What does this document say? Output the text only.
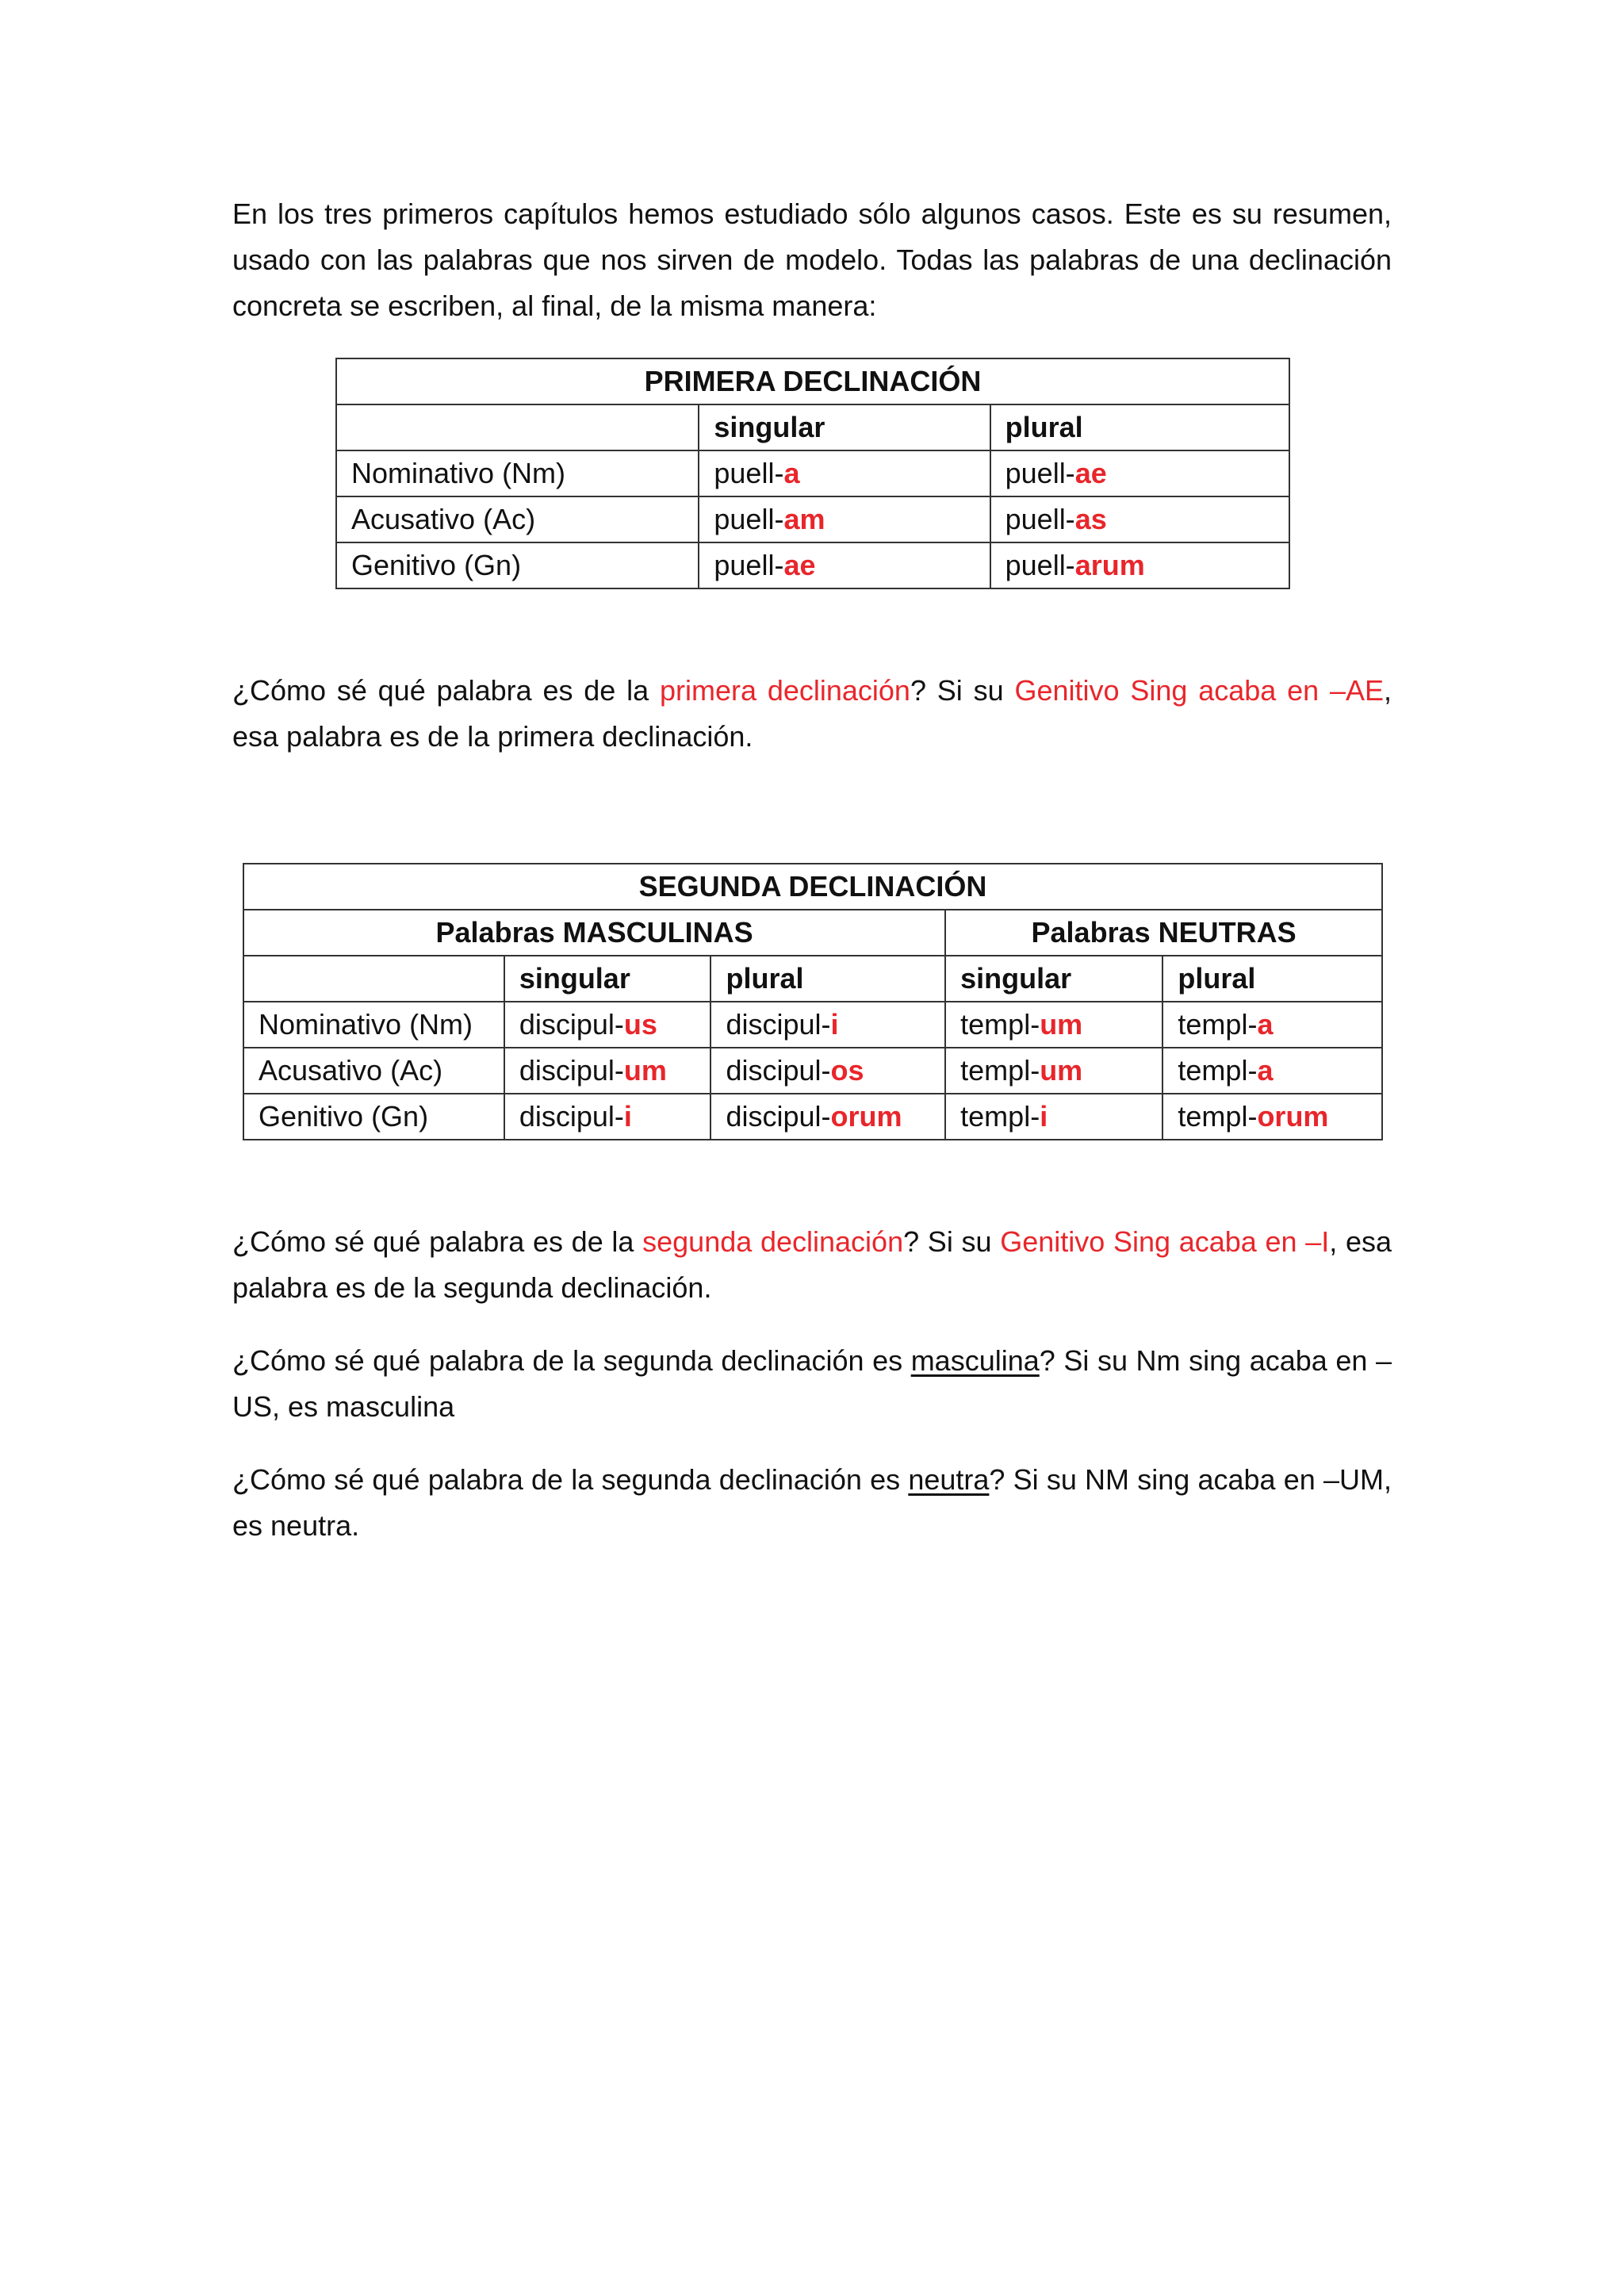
En los tres primeros capítulos hemos estudiado sólo algunos casos. Este es su resumen, usado con las palabras que nos sirven de modelo. Todas las palabras de una declinación concreta se escriben, al final, de la misma manera:

PRIMERA DECLINACIÓN		
	singular	plural
Nominativo (Nm)	puell-a	puell-ae
Acusativo (Ac)	puell-am	puell-as
Genitivo (Gn)	puell-ae	puell-arum

¿Cómo sé qué palabra es de la primera declinación? Si su Genitivo Sing acaba en –AE, esa palabra es de la primera declinación.

SEGUNDA DECLINACIÓN				
Palabras MASCULINAS			Palabras NEUTRAS	
	singular	plural	singular	plural
Nominativo (Nm)	discipul-us	discipul-i	templ-um	templ-a
Acusativo (Ac)	discipul-um	discipul-os	templ-um	templ-a
Genitivo (Gn)	discipul-i	discipul-orum	templ-i	templ-orum

¿Cómo sé qué palabra es de la segunda declinación? Si su Genitivo Sing acaba en –I, esa palabra es de la segunda declinación.

¿Cómo sé qué palabra de la segunda declinación es masculina? Si su Nm sing acaba en –US, es masculina

¿Cómo sé qué palabra de la segunda declinación es neutra? Si su NM sing acaba en –UM, es neutra.
